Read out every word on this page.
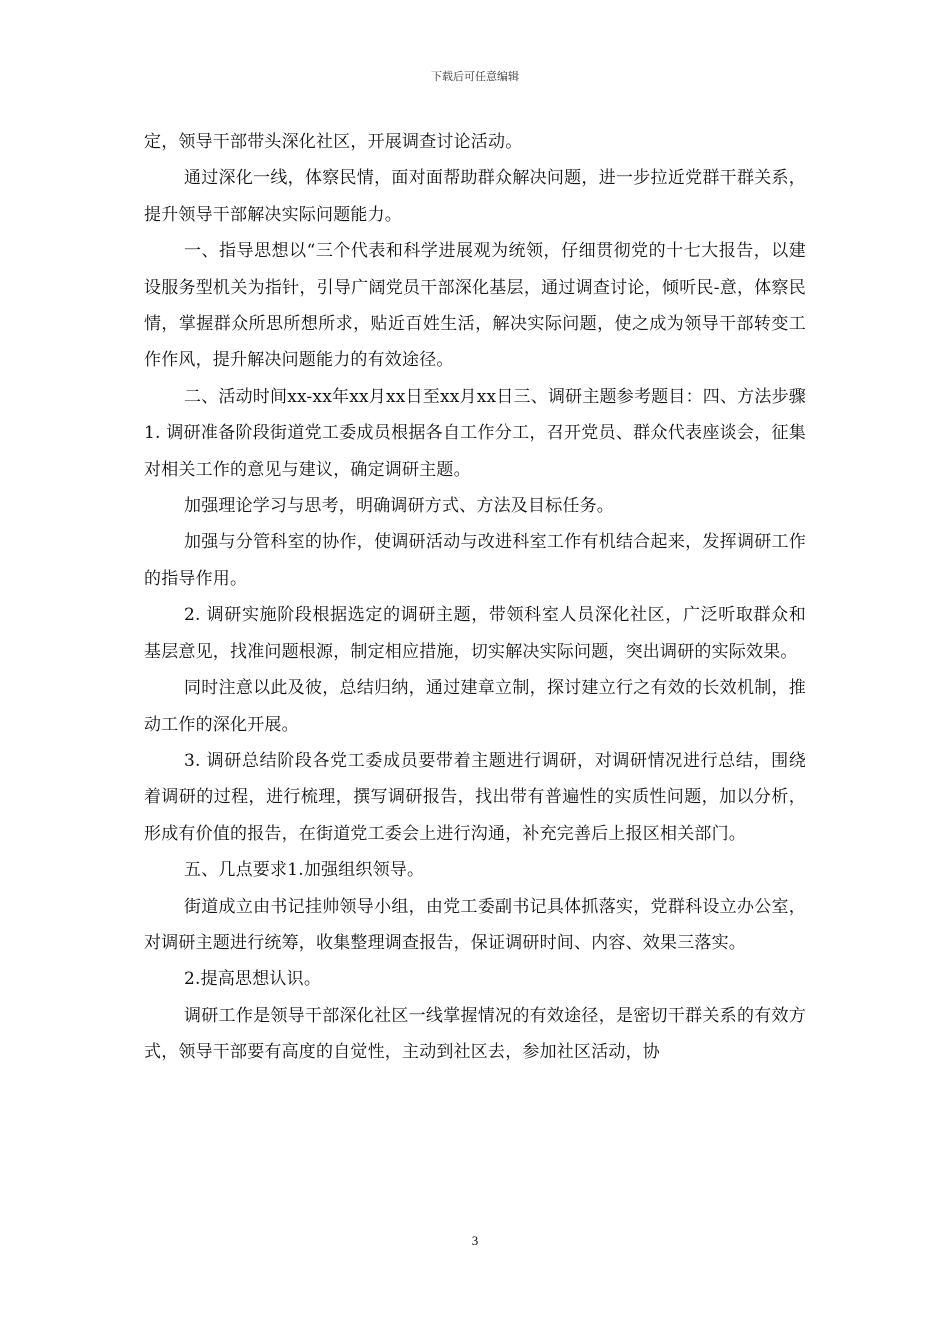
下载后可任意编辑

定，领导干部带头深化社区，开展调查讨论活动。

通过深化一线，体察民情，面对面帮助群众解决问题，进一步拉近党群干群关系，提升领导干部解决实际问题能力。

一、指导思想以“三个代表和科学进展观为统领，仔细贯彻党的十七大报告，以建设服务型机关为指针，引导广阔党员干部深化基层，通过调查讨论，倾听民-意，体察民情，掌握群众所思所想所求，贴近百姓生活，解决实际问题，使之成为领导干部转变工作作风，提升解决问题能力的有效途径。

二、活动时间xx-xx年xx月xx日至xx月xx日三、调研主题参考题目：四、方法步骤1. 调研准备阶段街道党工委成员根据各自工作分工，召开党员、群众代表座谈会，征集对相关工作的意见与建议，确定调研主题。

加强理论学习与思考，明确调研方式、方法及目标任务。

加强与分管科室的协作，使调研活动与改进科室工作有机结合起来，发挥调研工作的指导作用。

2. 调研实施阶段根据选定的调研主题，带领科室人员深化社区，广泛听取群众和基层意见，找准问题根源，制定相应措施，切实解决实际问题，突出调研的实际效果。

同时注意以此及彼，总结归纳，通过建章立制，探讨建立行之有效的长效机制，推动工作的深化开展。

3. 调研总结阶段各党工委成员要带着主题进行调研，对调研情况进行总结，围绕着调研的过程，进行梳理，撰写调研报告，找出带有普遍性的实质性问题，加以分析，形成有价值的报告，在街道党工委会上进行沟通，补充完善后上报区相关部门。

五、几点要求1.加强组织领导。

街道成立由书记挂帅领导小组，由党工委副书记具体抓落实，党群科设立办公室，对调研主题进行统筹，收集整理调查报告，保证调研时间、内容、效果三落实。

2.提高思想认识。

调研工作是领导干部深化社区一线掌握情况的有效途径，是密切干群关系的有效方式，领导干部要有高度的自觉性，主动到社区去，参加社区活动，协

3
